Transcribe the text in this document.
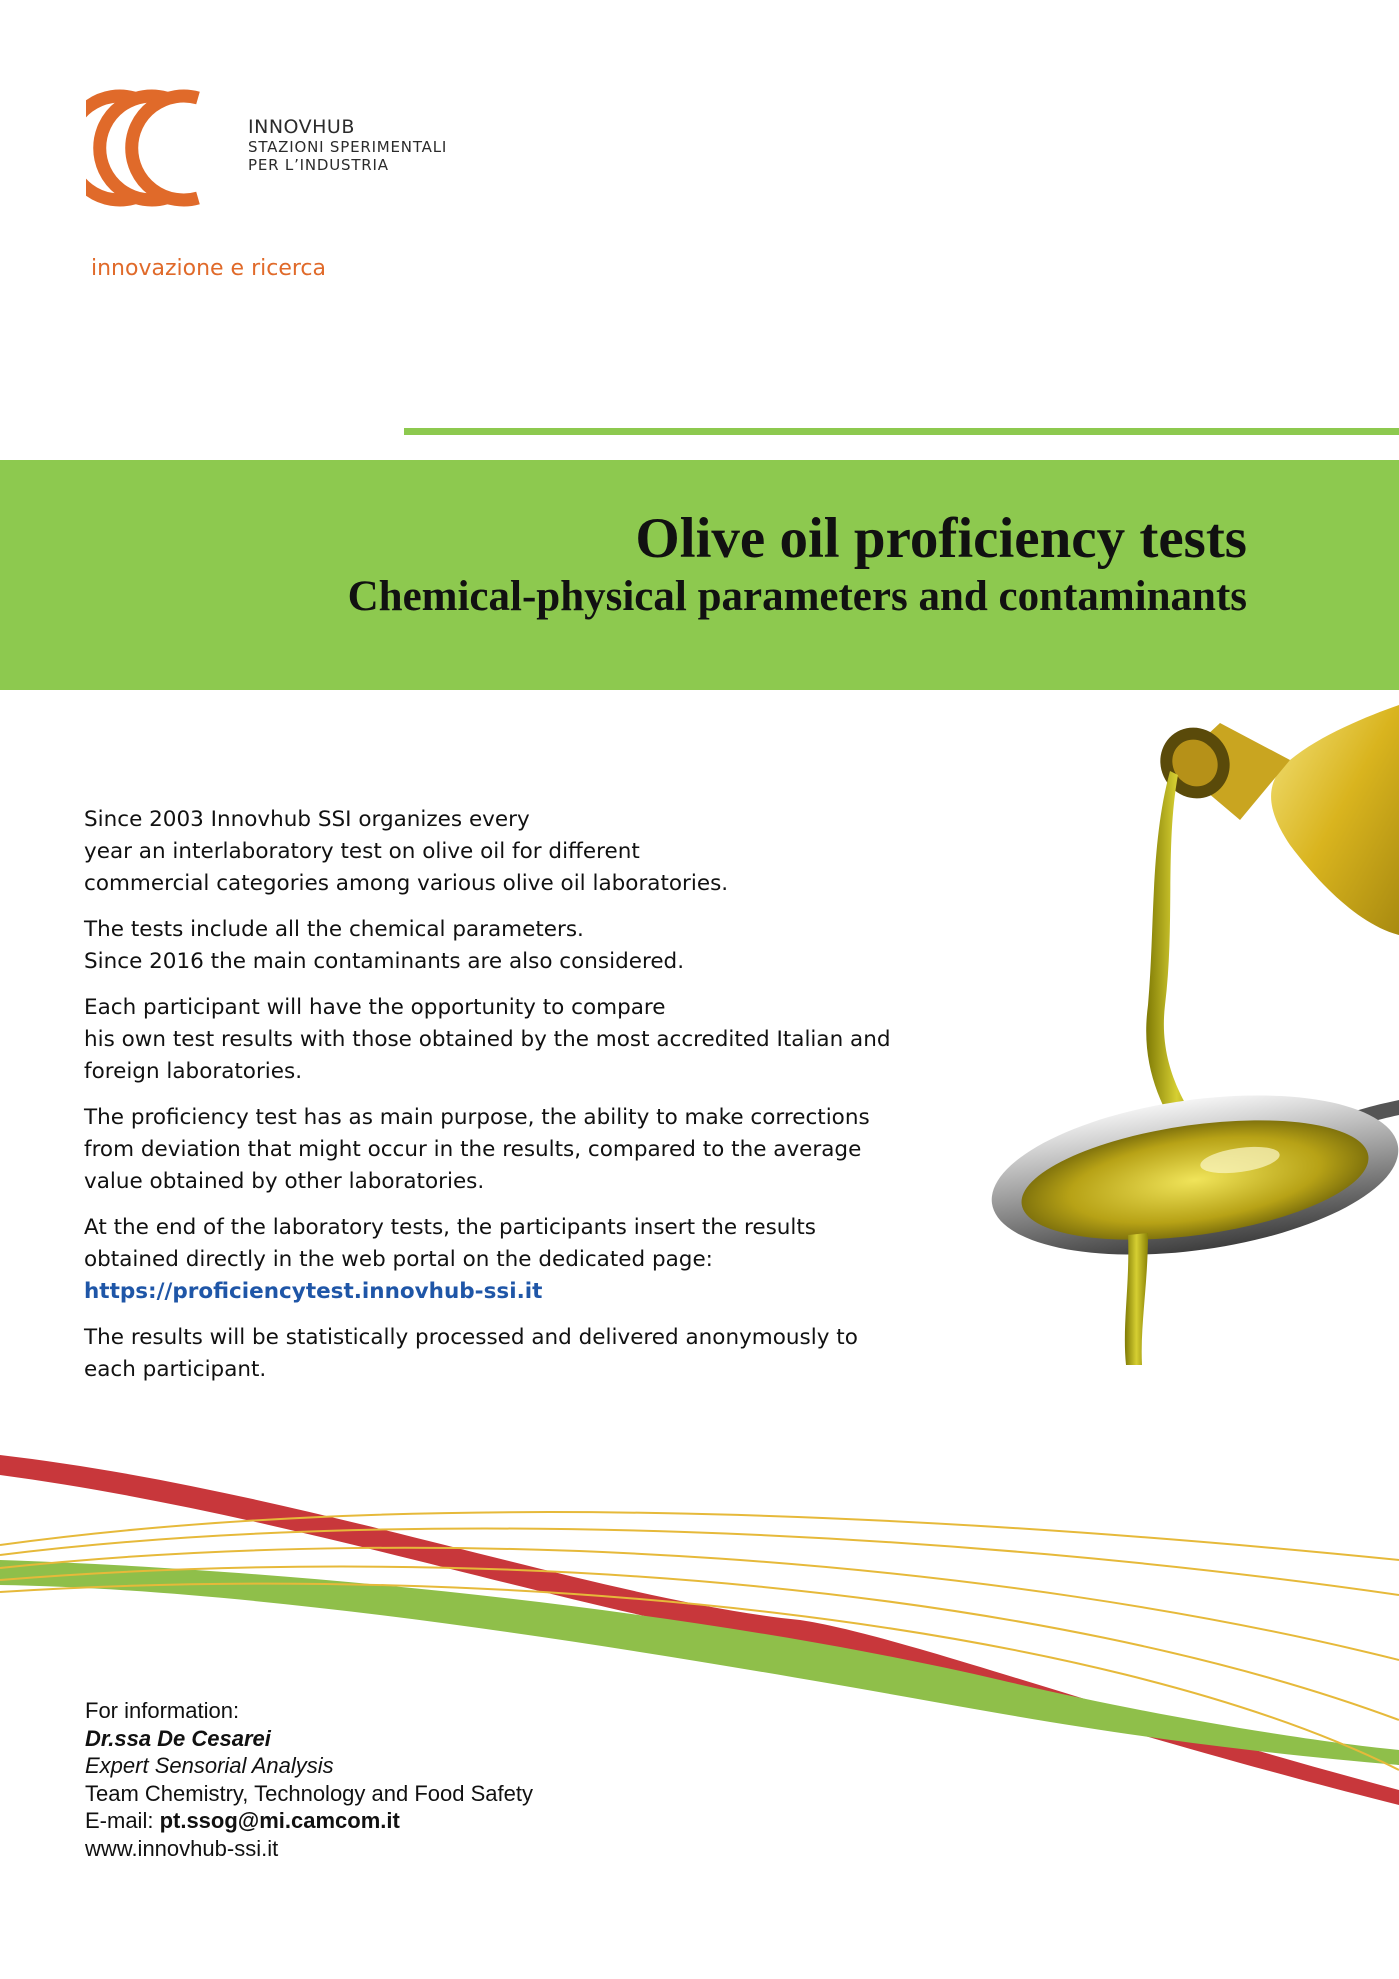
INNOVHUB
STAZIONI SPERIMENTALI
PER L’INDUSTRIA
innovazione e ricerca
Olive oil proficiency tests
Chemical-physical parameters and contaminants

Since 2003 Innovhub SSI organizes every
year an interlaboratory test on olive oil for different
commercial categories among various olive oil laboratories.

The tests include all the chemical parameters.
Since 2016 the main contaminants are also considered.

Each participant will have the opportunity to compare
his own test results with those obtained by the most accredited Italian and
foreign laboratories.

The proficiency test has as main purpose, the ability to make corrections
from deviation that might occur in the results, compared to the average
value obtained by other laboratories.

At the end of the laboratory tests, the participants insert the results
obtained directly in the web portal on the dedicated page:
https://proficiencytest.innovhub-ssi.it

The results will be statistically processed and delivered anonymously to
each participant.

For information:
Dr.ssa De Cesarei
Expert Sensorial Analysis
Team Chemistry, Technology and Food Safety
E-mail: pt.ssog@mi.camcom.it
www.innovhub-ssi.it
